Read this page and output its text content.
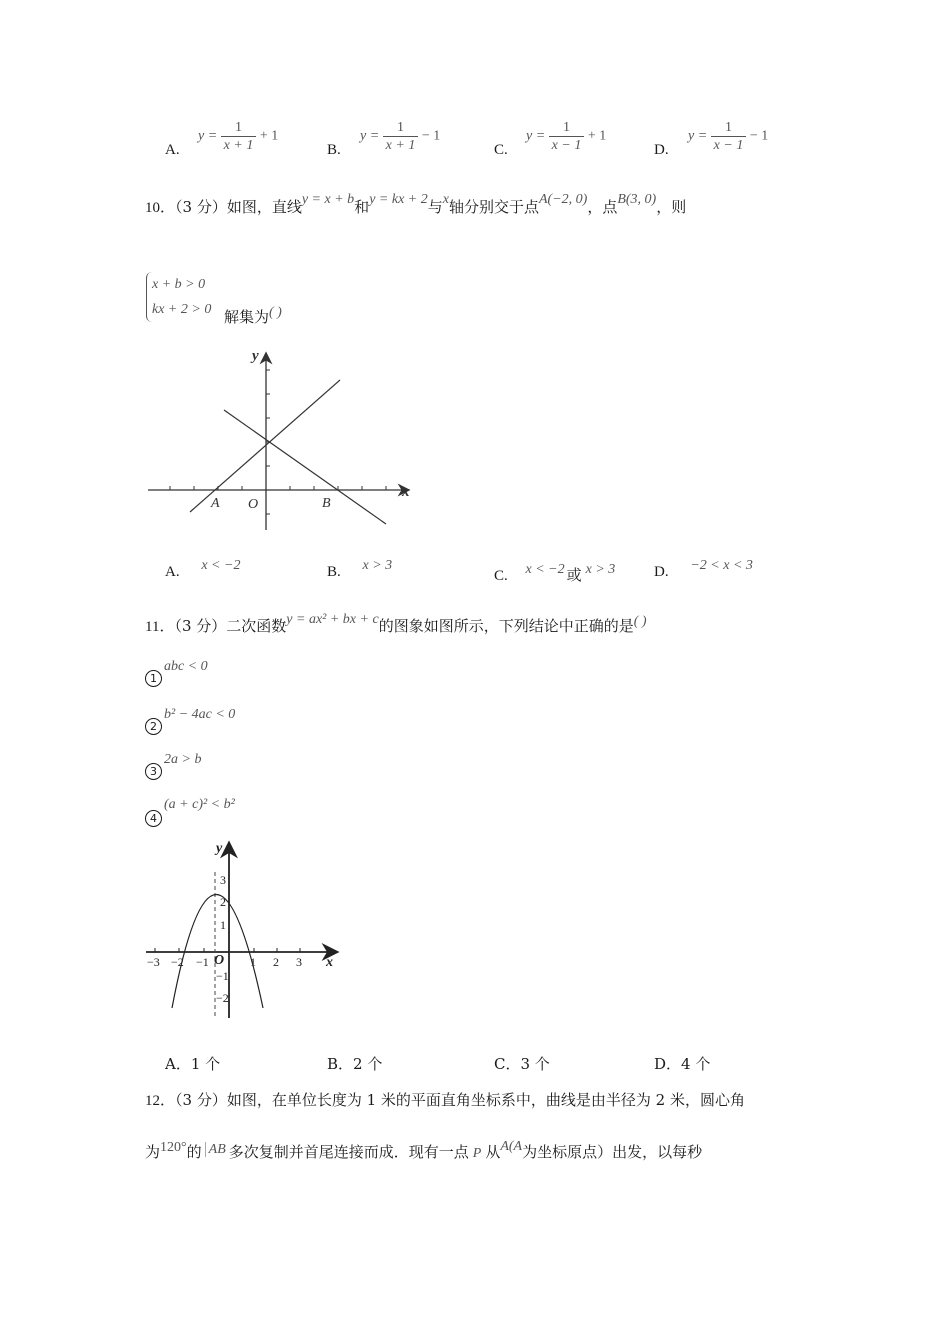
A.
$y = \frac{1}{x + 1} + 1$
B.
$y = \frac{1}{x + 1} - 1$
C.
$y = \frac{1}{x - 1} + 1$
D.
$y = \frac{1}{x - 1} - 1$
10．（3 分）如图，直线y = x + b和y = kx + 2与x轴分别交于点A(−2, 0)，点B(3, 0)，则
x + b > 0
kx + 2 > 0 解集为( )
y
x
A O	B
A. x < −2	B. x > 3
C. x < −2 或 x > 3	D. −2 < x < 3
11．（3 分）二次函数y = ax² + bx + c的图象如图所示，下列结论中正确的是( )
1abc < 0
2b² − 4ac < 0
32a > b
4(a + c)² < b²
−3 −2 −1	1 2 3
3
2
1
−1
−2
O
y
x
A．1 个	B．2 个	C．3 个	D．4 个
12．（3 分）如图，在单位长度为 1 米的平面直角坐标系中，曲线是由半径为 2 米，圆心角
为120°的 AB 多次复制并首尾连接而成．现有一点 P 从A(A为坐标原点）出发，以每秒
